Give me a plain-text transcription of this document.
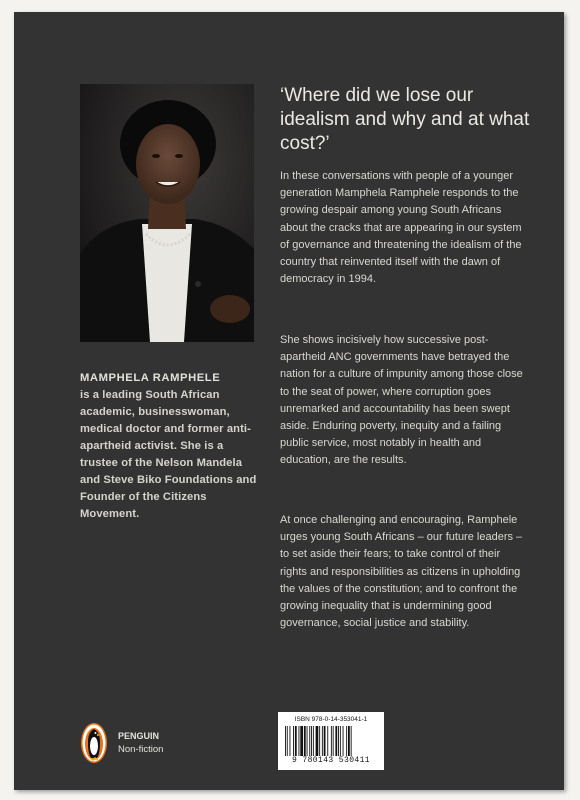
MAMPHELA RAMPHELE
is a leading South African academic, businesswoman, medical doctor and former anti-apartheid activist. She is a trustee of the Nelson Mandela and Steve Biko Foundations and Founder of the Citizens Movement.
‘Where did we lose our idealism and why and at what cost?’
In these conversations with people of a younger generation Mamphela Ramphele responds to the growing despair among young South Africans about the cracks that are appearing in our system of governance and threatening the idealism of the country that reinvented itself with the dawn of democracy in 1994.
She shows incisively how successive post-apartheid ANC governments have betrayed the nation for a culture of impunity among those close to the seat of power, where corruption goes unremarked and accountability has been swept aside. Enduring poverty, inequity and a failing public service, most notably in health and education, are the results.
At once challenging and encouraging, Ramphele urges young South Africans – our future leaders – to set aside their fears; to take control of their rights and responsibilities as citizens in upholding the values of the constitution; and to confront the growing inequality that is undermining good governance, social justice and stability.
PENGUIN
Non-fiction
ISBN 978-0-14-353041-1
9 780143 530411
